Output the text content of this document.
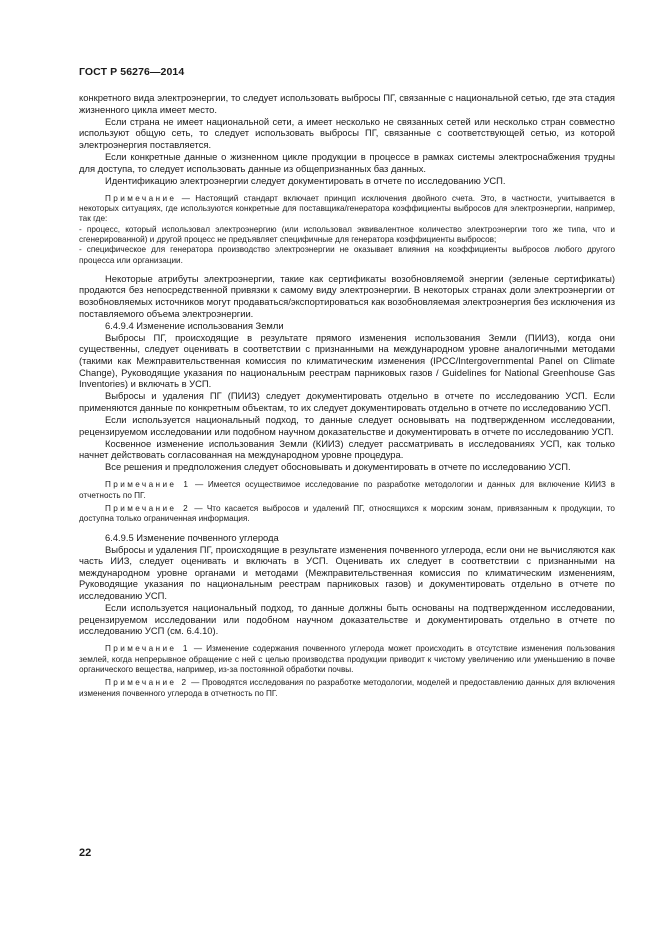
ГОСТ Р 56276—2014

конкретного вида электроэнергии, то следует использовать выбросы ПГ, связанные с национальной сетью, где эта стадия жизненного цикла имеет место.

Если страна не имеет национальной сети, а имеет несколько не связанных сетей или несколько стран совместно используют общую сеть, то следует использовать выбросы ПГ, связанные с соответствующей сетью, из которой электроэнергия поставляется.

Если конкретные данные о жизненном цикле продукции в процессе в рамках системы электроснабжения трудны для доступа, то следует использовать данные из общепризнанных баз данных.

Идентификацию электроэнергии следует документировать в отчете по исследованию УСП.

Примечание — Настоящий стандарт включает принцип исключения двойного счета. Это, в частности, учитывается в некоторых ситуациях, где используются конкретные для поставщика/генератора коэффициенты выбросов для электроэнергии, например, так где:

- процесс, который использовал электроэнергию (или использовал эквивалентное количество электроэнергии того же типа, что и сгенерированной) и другой процесс не предъявляет специфичные для генератора коэффициенты выбросов;

- специфическое для генератора производство электроэнергии не оказывает влияния на коэффициенты выбросов любого другого процесса или организации.

Некоторые атрибуты электроэнергии, такие как сертификаты возобновляемой энергии (зеленые сертификаты) продаются без непосредственной привязки к самому виду электроэнергии. В некоторых странах доли электроэнергии от возобновляемых источников могут продаваться/экспортироваться как возобновляемая электроэнергия без исключения из поставляемого объема электроэнергии.

6.4.9.4 Изменение использования Земли

Выбросы ПГ, происходящие в результате прямого изменения использования Земли (ПИИЗ), когда они существенны, следует оценивать в соответствии с признанными на международном уровне аналогичными методами (такими как Межправительственная комиссия по климатическим изменения (IPCC/Intergovernmental Panel on Climate Change), Руководящие указания по национальным реестрам парниковых газов / Guidelines for National Greenhouse Gas Inventories) и включать в УСП.

Выбросы и удаления ПГ (ПИИЗ) следует документировать отдельно в отчете по исследованию УСП. Если применяются данные по конкретным объектам, то их следует документировать отдельно в отчете по исследованию УСП.

Если используется национальный подход, то данные следует основывать на подтвержденном исследовании, рецензируемом исследовании или подобном научном доказательстве и документировать в отчете по исследованию УСП.

Косвенное изменение использования Земли (КИИЗ) следует рассматривать в исследованиях УСП, как только начнет действовать согласованная на международном уровне процедура.

Все решения и предположения следует обосновывать и документировать в отчете по исследованию УСП.

Примечание 1 — Имеется осуществимое исследование по разработке методологии и данных для включение КИИЗ в отчетность по ПГ.

Примечание 2 — Что касается выбросов и удалений ПГ, относящихся к морским зонам, привязанным к продукции, то доступна только ограниченная информация.

6.4.9.5 Изменение почвенного углерода

Выбросы и удаления ПГ, происходящие в результате изменения почвенного углерода, если они не вычисляются как часть ИИЗ, следует оценивать и включать в УСП. Оценивать их следует в соответствии с признанными на международном уровне органами и методами (Межправительственная комиссия по климатическим изменениям, Руководящие указания по национальным реестрам парниковых газов) и документировать отдельно в отчете по исследованию УСП.

Если используется национальный подход, то данные должны быть основаны на подтвержденном исследовании, рецензируемом исследовании или подобном научном доказательстве и документировать отдельно в отчете по исследованию УСП (см. 6.4.10).

Примечание 1 — Изменение содержания почвенного углерода может происходить в отсутствие изменения пользования землей, когда непрерывное обращение с ней с целью производства продукции приводит к чистому увеличению или уменьшению в почве органического вещества, например, из-за постоянной обработки почвы.

Примечание 2 — Проводятся исследования по разработке методологии, моделей и предоставлению данных для включения изменения почвенного углерода в отчетность по ПГ.

22
